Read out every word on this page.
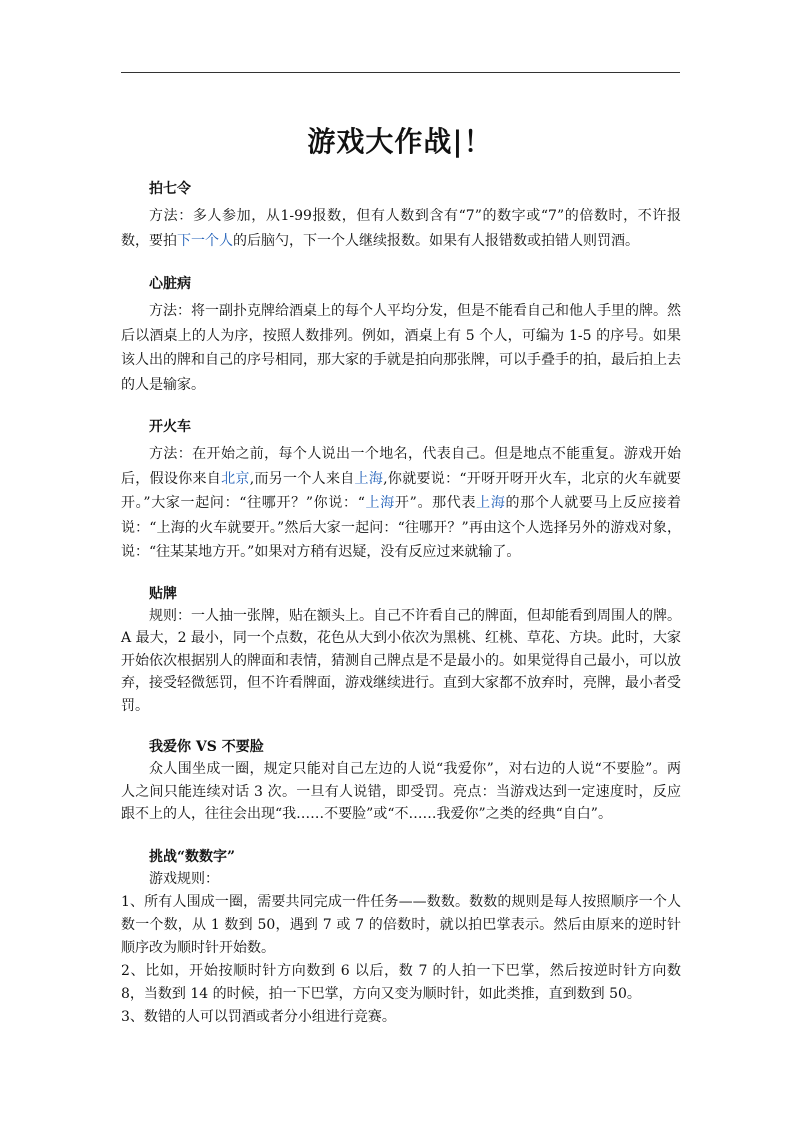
游戏大作战|！
拍七令
方法：多人参加，从1-99报数，但有人数到含有“7”的数字或“7”的倍数时，不许报数，要拍下一个人的后脑勺，下一个人继续报数。如果有人报错数或拍错人则罚酒。
心脏病
方法：将一副扑克牌给酒桌上的每个人平均分发，但是不能看自己和他人手里的牌。然后以酒桌上的人为序，按照人数排列。例如，酒桌上有 5 个人，可编为 1-5 的序号。如果该人出的牌和自己的序号相同，那大家的手就是拍向那张牌，可以手叠手的拍，最后拍上去的人是输家。
开火车
方法：在开始之前，每个人说出一个地名，代表自己。但是地点不能重复。游戏开始后，假设你来自北京,而另一个人来自上海,你就要说：“开呀开呀开火车，北京的火车就要开。”大家一起问：“往哪开？”你说：“上海开”。那代表上海的那个人就要马上反应接着说：“上海的火车就要开。”然后大家一起问：“往哪开？”再由这个人选择另外的游戏对象，说：“往某某地方开。”如果对方稍有迟疑，没有反应过来就输了。
贴牌
规则：一人抽一张牌，贴在额头上。自己不许看自己的牌面，但却能看到周围人的牌。A 最大，2 最小，同一个点数，花色从大到小依次为黑桃、红桃、草花、方块。此时，大家开始依次根据别人的牌面和表情，猜测自己牌点是不是最小的。如果觉得自己最小，可以放弃，接受轻微惩罚，但不许看牌面，游戏继续进行。直到大家都不放弃时，亮牌，最小者受罚。
我爱你 VS 不要脸
众人围坐成一圈，规定只能对自己左边的人说“我爱你”，对右边的人说“不要脸”。两人之间只能连续对话 3 次。一旦有人说错，即受罚。亮点：当游戏达到一定速度时，反应跟不上的人，往往会出现“我……不要脸”或“不……我爱你”之类的经典“自白”。
挑战“数数字”
游戏规则：
1、所有人围成一圈，需要共同完成一件任务——数数。数数的规则是每人按照顺序一个人数一个数，从 1 数到 50，遇到 7 或 7 的倍数时，就以拍巴掌表示。然后由原来的逆时针顺序改为顺时针开始数。
2、比如，开始按顺时针方向数到 6 以后，数 7 的人拍一下巴掌，然后按逆时针方向数 8，当数到 14 的时候，拍一下巴掌，方向又变为顺时针，如此类推，直到数到 50。
3、数错的人可以罚酒或者分小组进行竞赛。
